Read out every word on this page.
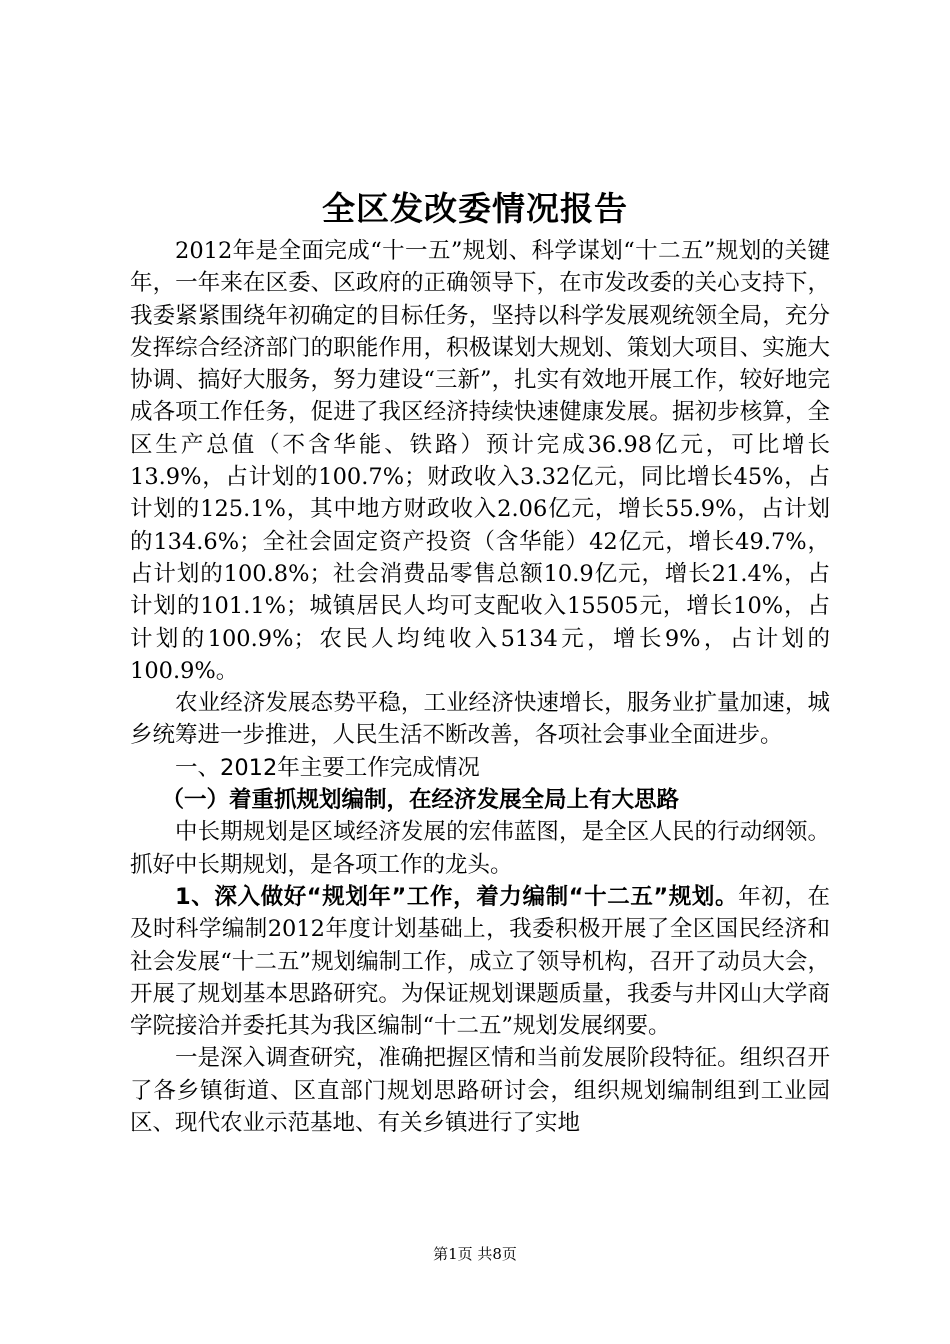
全区发改委情况报告

2012年是全面完成“十一五”规划、科学谋划“十二五”规划的关键年，一年来在区委、区政府的正确领导下，在市发改委的关心支持下，我委紧紧围绕年初确定的目标任务，坚持以科学发展观统领全局，充分发挥综合经济部门的职能作用，积极谋划大规划、策划大项目、实施大协调、搞好大服务，努力建设“三新”，扎实有效地开展工作，较好地完成各项工作任务，促进了我区经济持续快速健康发展。据初步核算，全区生产总值（不含华能、铁路）预计完成36.98亿元，可比增长13.9%，占计划的100.7%；财政收入3.32亿元，同比增长45%，占计划的125.1%，其中地方财政收入2.06亿元，增长55.9%，占计划的134.6%；全社会固定资产投资（含华能）42亿元，增长49.7%，占计划的100.8%；社会消费品零售总额10.9亿元，增长21.4%，占计划的101.1%；城镇居民人均可支配收入15505元，增长10%，占计划的100.9%；农民人均纯收入5134元，增长9%，占计划的100.9%。

农业经济发展态势平稳，工业经济快速增长，服务业扩量加速，城乡统筹进一步推进，人民生活不断改善，各项社会事业全面进步。

一、2012年主要工作完成情况

（一）着重抓规划编制，在经济发展全局上有大思路

中长期规划是区域经济发展的宏伟蓝图，是全区人民的行动纲领。抓好中长期规划，是各项工作的龙头。

1、深入做好“规划年”工作，着力编制“十二五”规划。年初，在及时科学编制2012年度计划基础上，我委积极开展了全区国民经济和社会发展“十二五”规划编制工作，成立了领导机构，召开了动员大会，开展了规划基本思路研究。为保证规划课题质量，我委与井冈山大学商学院接洽并委托其为我区编制“十二五”规划发展纲要。

一是深入调查研究，准确把握区情和当前发展阶段特征。组织召开了各乡镇街道、区直部门规划思路研讨会，组织规划编制组到工业园区、现代农业示范基地、有关乡镇进行了实地

第1页 共8页
